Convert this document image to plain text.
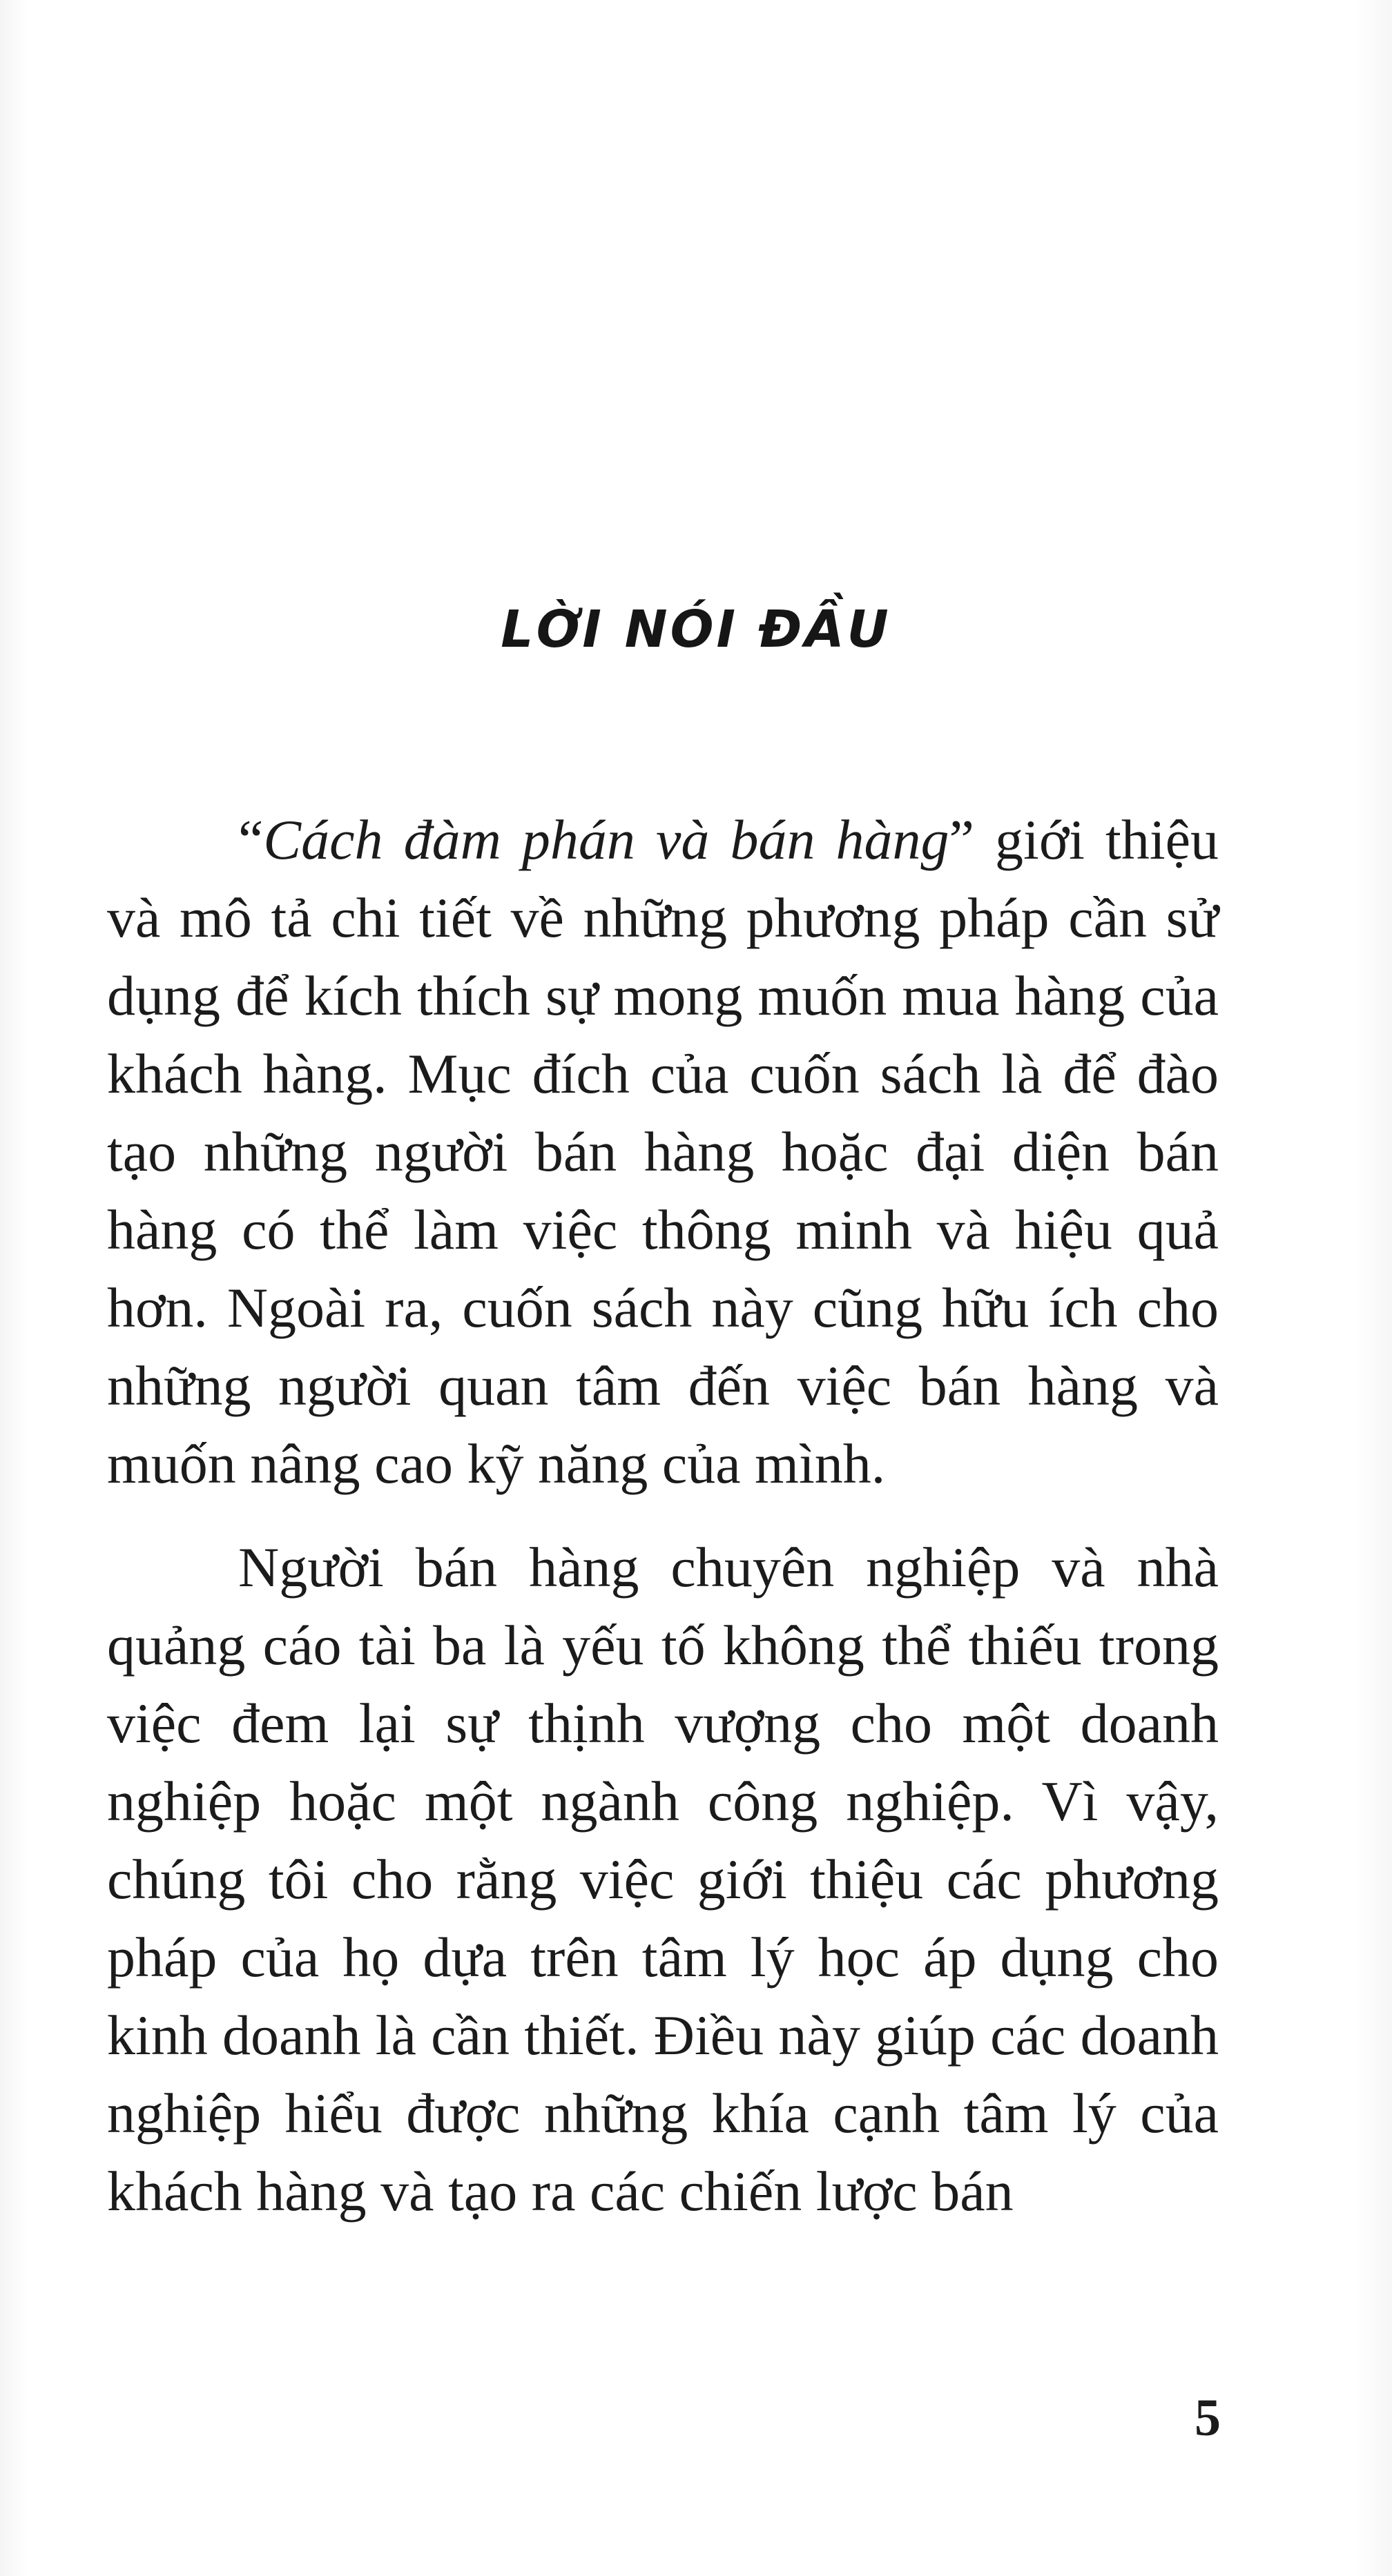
LỜI NÓI ĐẦU

“Cách đàm phán và bán hàng” giới thiệu và mô tả chi tiết về những phương pháp cần sử dụng để kích thích sự mong muốn mua hàng của khách hàng. Mục đích của cuốn sách là để đào tạo những người bán hàng hoặc đại diện bán hàng có thể làm việc thông minh và hiệu quả hơn. Ngoài ra, cuốn sách này cũng hữu ích cho những người quan tâm đến việc bán hàng và muốn nâng cao kỹ năng của mình.

Người bán hàng chuyên nghiệp và nhà quảng cáo tài ba là yếu tố không thể thiếu trong việc đem lại sự thịnh vượng cho một doanh nghiệp hoặc một ngành công nghiệp. Vì vậy, chúng tôi cho rằng việc giới thiệu các phương pháp của họ dựa trên tâm lý học áp dụng cho kinh doanh là cần thiết. Điều này giúp các doanh nghiệp hiểu được những khía cạnh tâm lý của khách hàng và tạo ra các chiến lược bán

5
